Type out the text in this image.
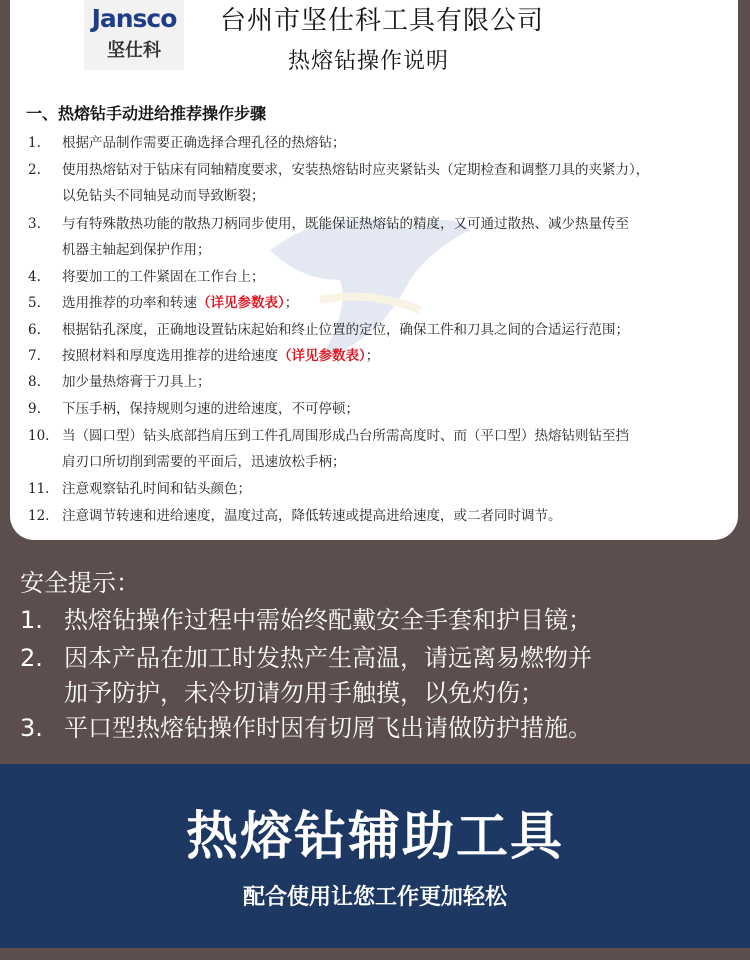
Jansco
坚仕科
台州市坚仕科工具有限公司
热熔钻操作说明
一、热熔钻手动进给推荐操作步骤
1. 根据产品制作需要正确选择合理孔径的热熔钻；
2. 使用热熔钻对于钻床有同轴精度要求，安装热熔钻时应夹紧钻头（定期检查和调整刀具的夹紧力），
以免钻头不同轴晃动而导致断裂；
3. 与有特殊散热功能的散热刀柄同步使用，既能保证热熔钻的精度，又可通过散热、减少热量传至
机器主轴起到保护作用；
4. 将要加工的工件紧固在工作台上；
5. 选用推荐的功率和转速（详见参数表）；
6. 根据钻孔深度，正确地设置钻床起始和终止位置的定位，确保工件和刀具之间的合适运行范围；
7. 按照材料和厚度选用推荐的进给速度（详见参数表）；
8. 加少量热熔膏于刀具上；
9. 下压手柄，保持规则匀速的进给速度，不可停顿；
10. 当（圆口型）钻头底部挡肩压到工件孔周围形成凸台所需高度时、而（平口型）热熔钻则钻至挡
肩刃口所切削到需要的平面后，迅速放松手柄；
11. 注意观察钻孔时间和钻头颜色；
12. 注意调节转速和进给速度，温度过高，降低转速或提高进给速度，或二者同时调节。
安全提示：
1. 热熔钻操作过程中需始终配戴安全手套和护目镜；
2. 因本产品在加工时发热产生高温，请远离易燃物并
加予防护，未冷切请勿用手触摸，以免灼伤；
3. 平口型热熔钻操作时因有切屑飞出请做防护措施。
热熔钻辅助工具
配合使用让您工作更加轻松
